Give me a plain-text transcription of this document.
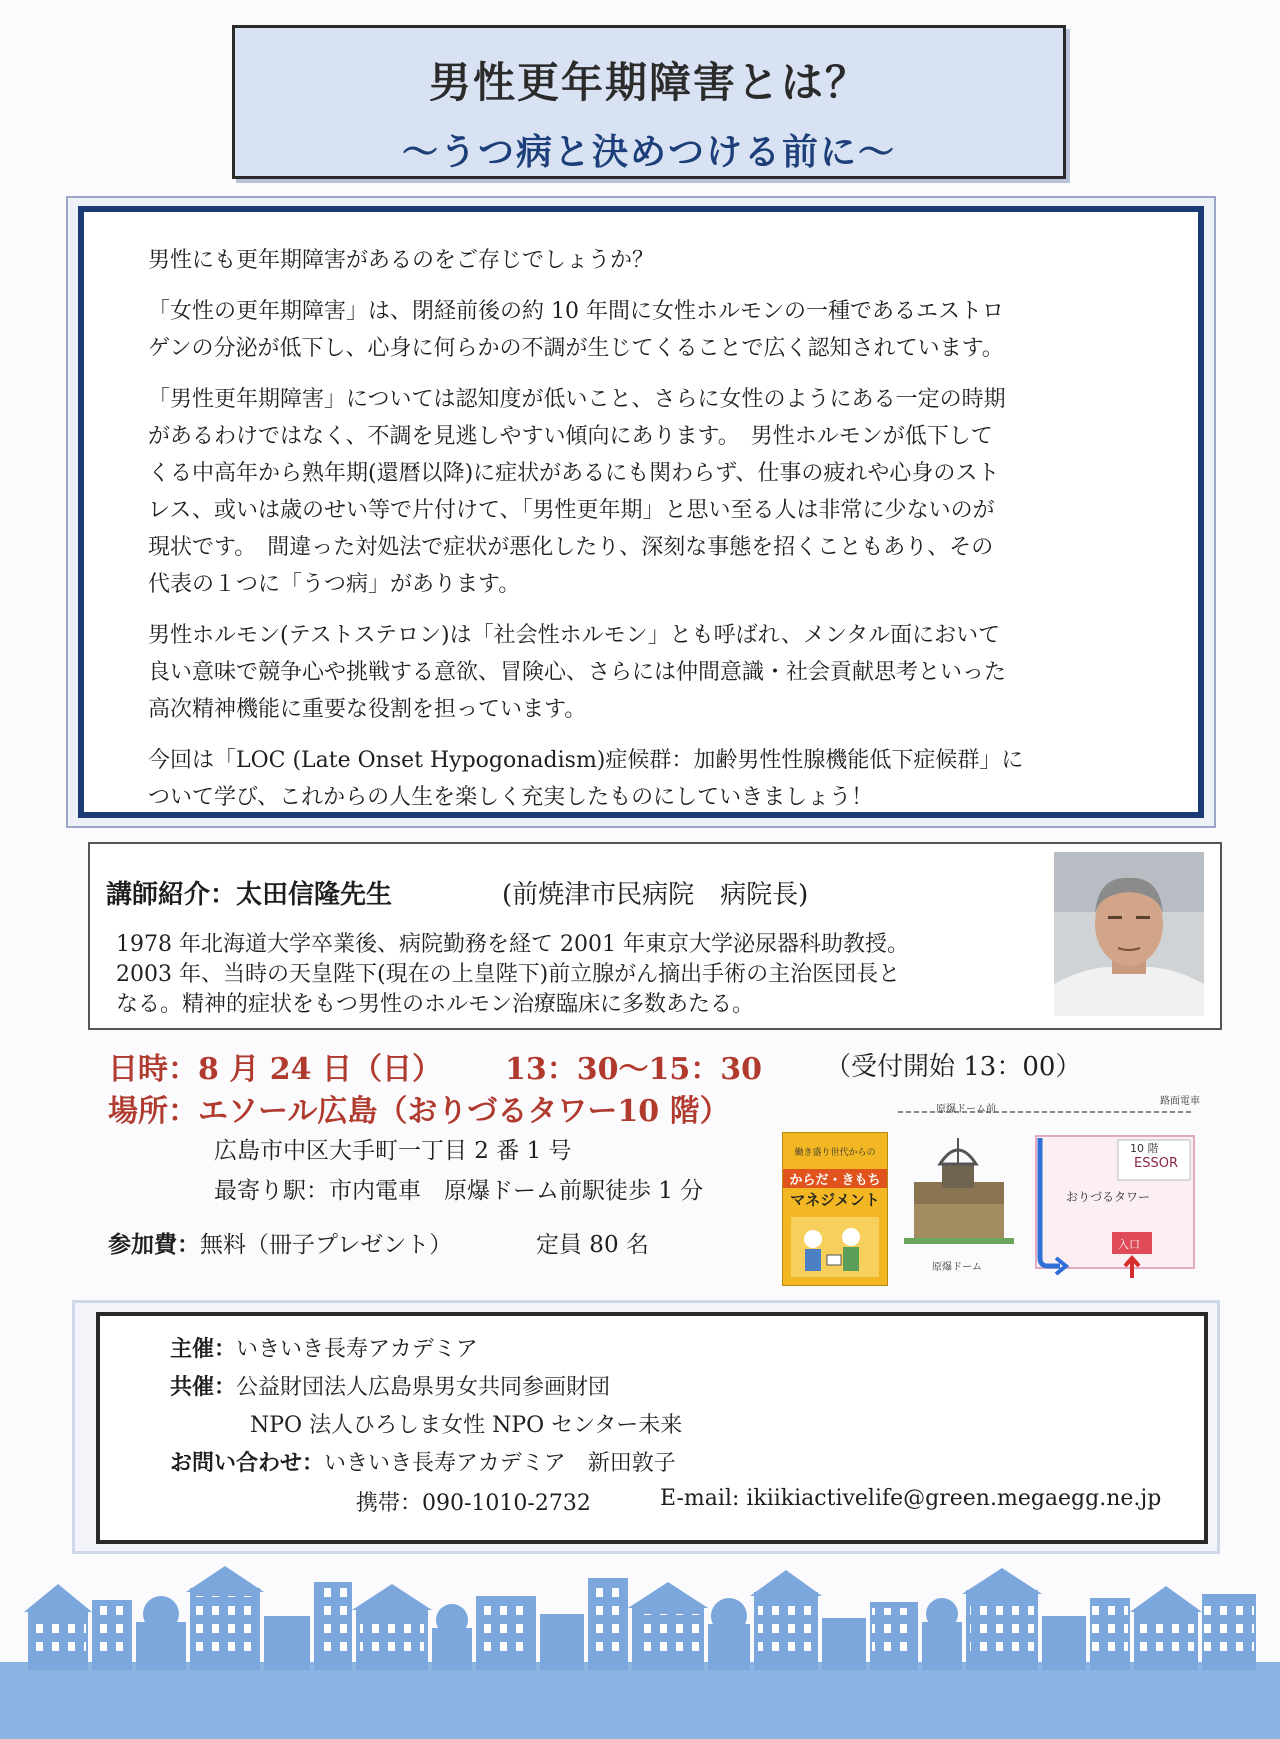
男性更年期障害とは？
〜うつ病と決めつける前に〜

男性にも更年期障害があるのをご存じでしょうか？

「女性の更年期障害」は、閉経前後の約 10 年間に女性ホルモンの一種であるエストロ
ゲンの分泌が低下し、心身に何らかの不調が生じてくることで広く認知されています。

「男性更年期障害」については認知度が低いこと、さらに女性のようにある一定の時期
があるわけではなく、不調を見逃しやすい傾向にあります。　男性ホルモンが低下して
くる中高年から熟年期(還暦以降)に症状があるにも関わらず、仕事の疲れや心身のスト
レス、或いは歳のせい等で片付けて、「男性更年期」と思い至る人は非常に少ないのが
現状です。　間違った対処法で症状が悪化したり、深刻な事態を招くこともあり、その
代表の１つに「うつ病」があります。

男性ホルモン(テストステロン)は「社会性ホルモン」とも呼ばれ、メンタル面において
良い意味で競争心や挑戦する意欲、冒険心、さらには仲間意識・社会貢献思考といった
高次精神機能に重要な役割を担っています。

今回は「LOC (Late Onset Hypogonadism)症候群：加齢男性性腺機能低下症候群」に
ついて学び、これからの人生を楽しく充実したものにしていきましょう！

講師紹介：太田信隆先生	(前焼津市民病院　病院長)
1978 年北海道大学卒業後、病院勤務を経て 2001 年東京大学泌尿器科助教授。
2003 年、当時の天皇陛下(現在の上皇陛下)前立腺がん摘出手術の主治医団長と
なる。精神的症状をもつ男性のホルモン治療臨床に多数あたる。
日時：8 月 24 日（日） 13：30〜15：30 （受付開始 13：00）
場所：エソール広島（おりづるタワー10 階）
広島市中区大手町一丁目 2 番 1 号
最寄り駅：市内電車　原爆ドーム前駅徒歩 1 分
参加費：無料（冊子プレゼント）	定員 80 名
働き盛り世代からの
からだ・きもち
マネジメント
原爆ドーム前
路面電車
10 階
ESSOR
おりづるタワー
入口
原爆ドーム
主催：いきいき長寿アカデミア
共催：公益財団法人広島県男女共同参画財団
NPO 法人ひろしま女性 NPO センター未来
お問い合わせ：いきいき長寿アカデミア　新田敦子
携帯：090-1010-2732	E-mail: ikiikiactivelife@green.megaegg.ne.jp
